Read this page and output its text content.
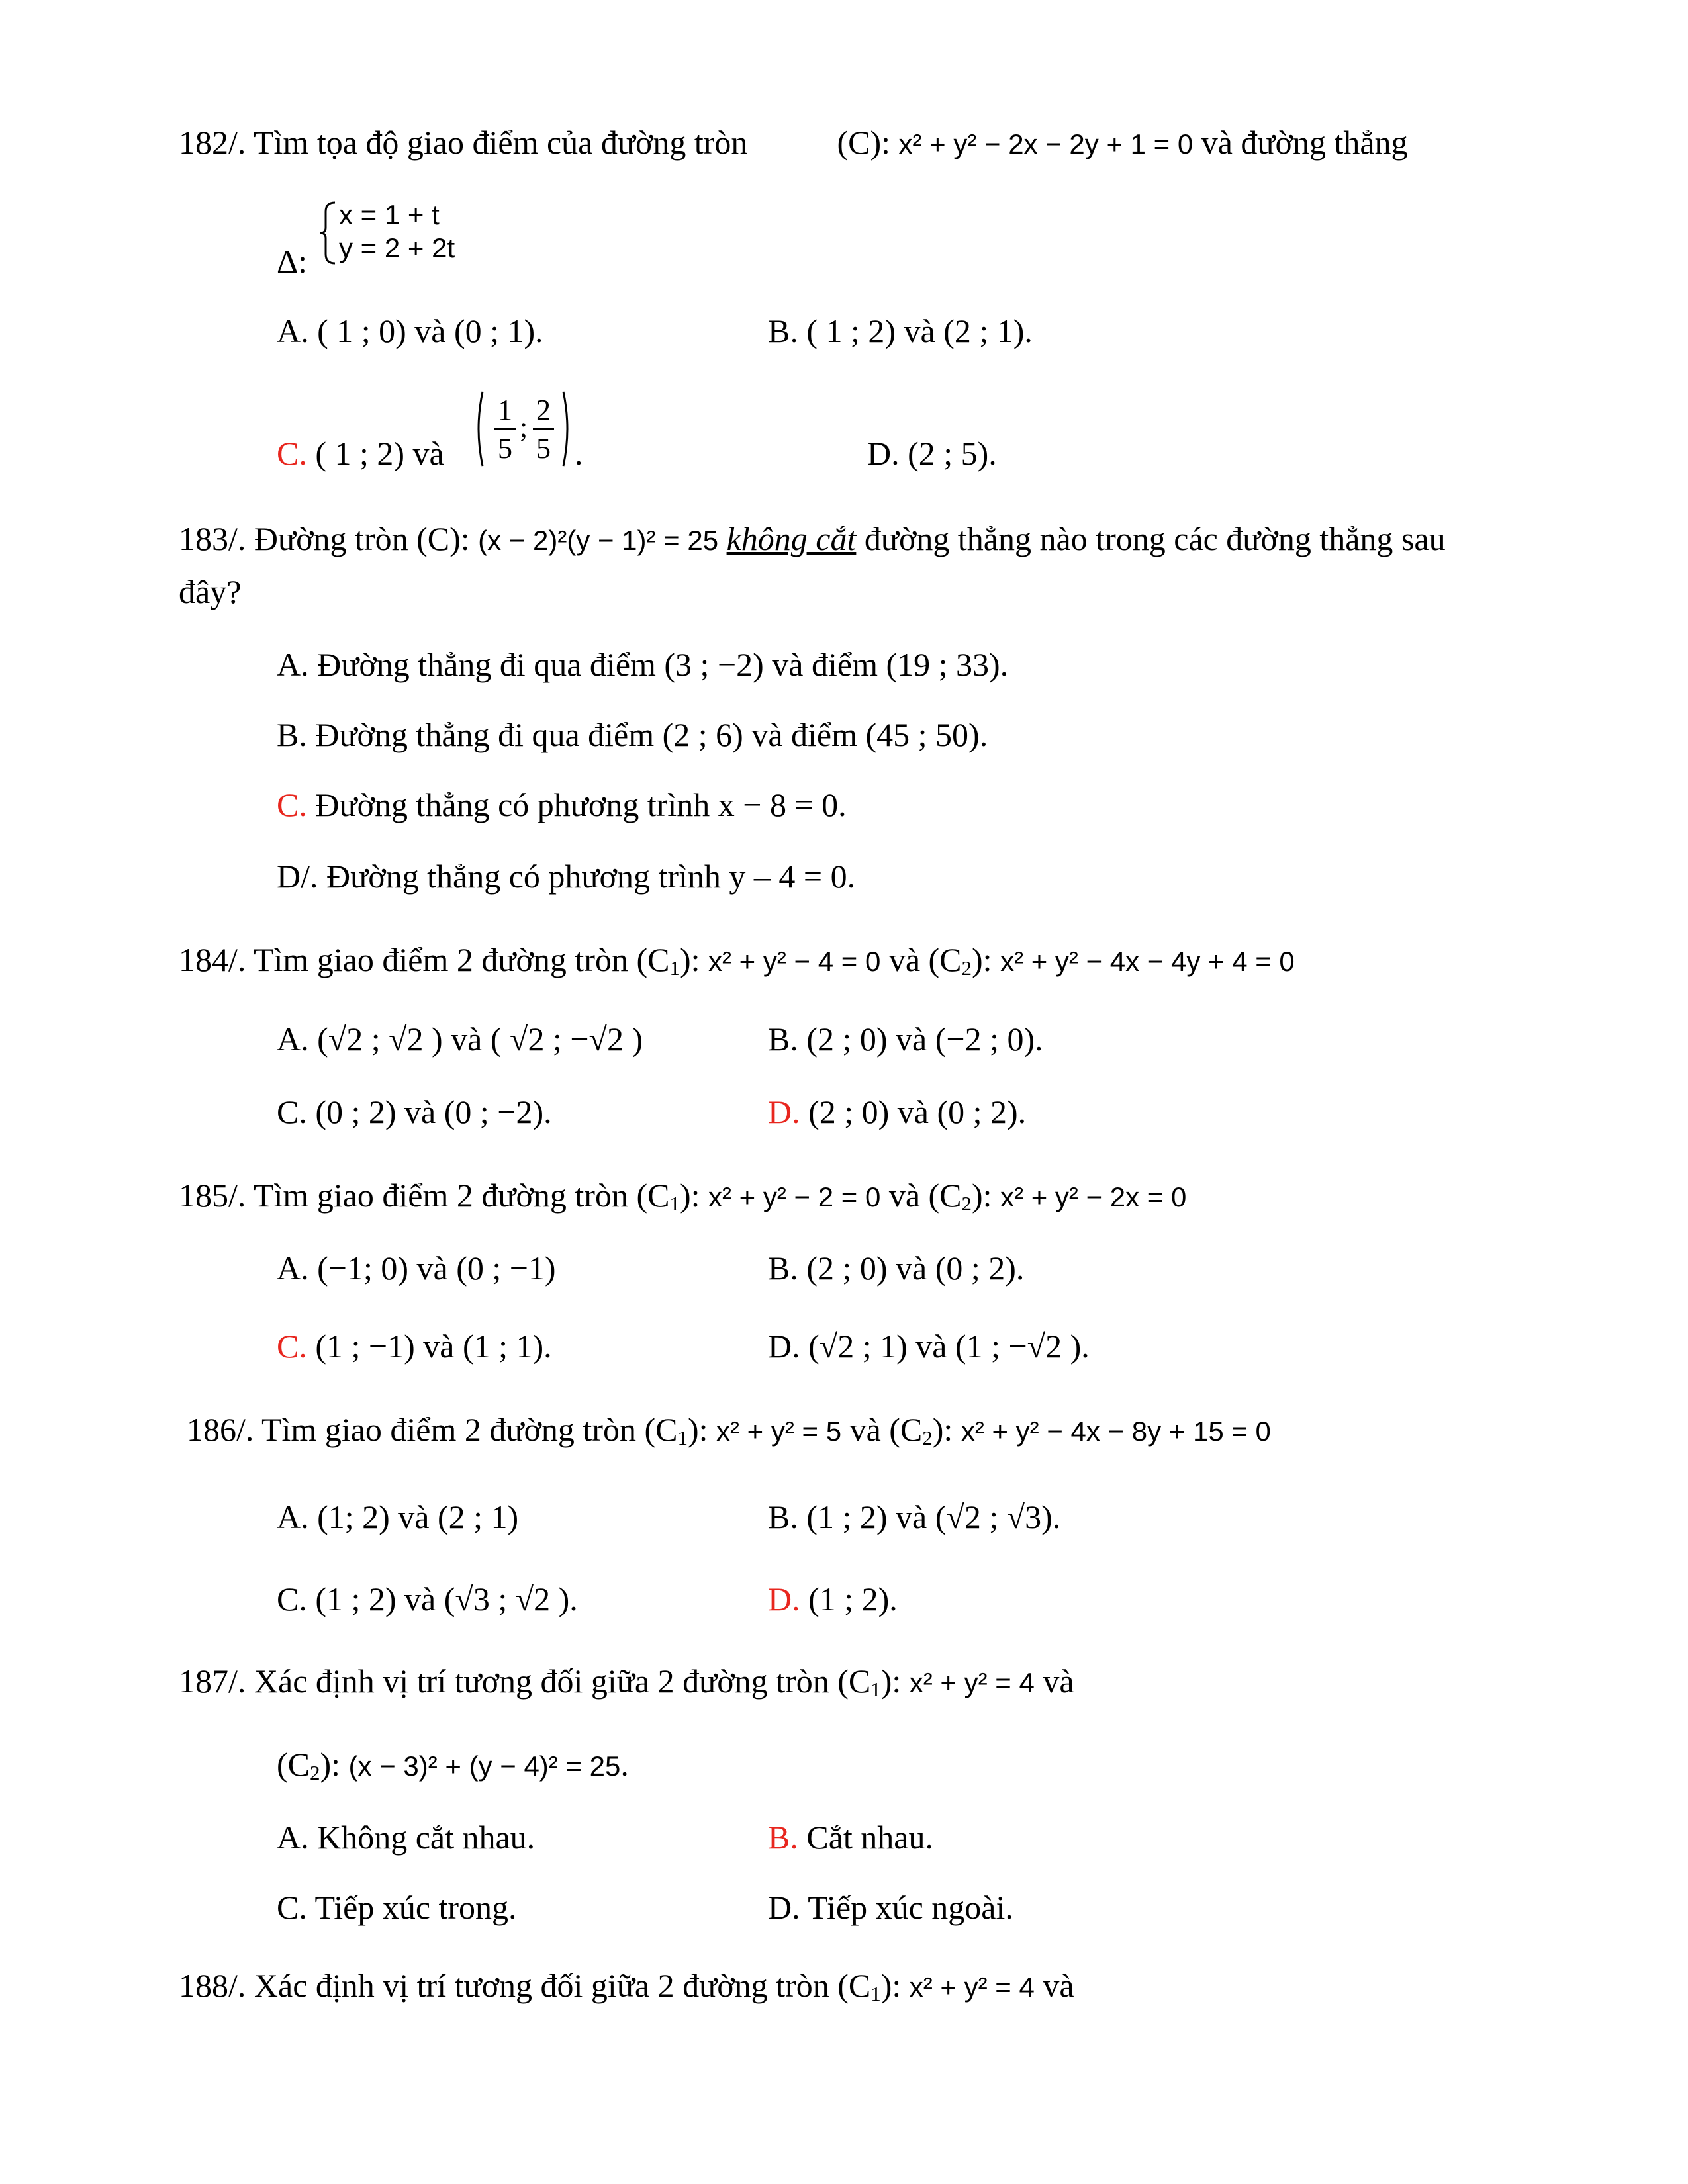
182/. Tìm tọa độ giao điểm của đường tròn	(C): x² + y² − 2x − 2y + 1 = 0 và đường thẳng
Δ:
x = 1 + t
y = 2 + 2t
A. ( 1 ; 0) và (0 ; 1).	B. ( 1 ; 2) và (2 ; 1).
C. ( 1 ; 2) và
1
5
;
2
5 .	D. (2 ; 5).
183/. Đường tròn (C): (x − 2)²(y − 1)² = 25 không cắt đường thẳng nào trong các đường thẳng sau
đây?
A. Đường thẳng đi qua điểm (3 ; −2) và điểm (19 ; 33).
B. Đường thẳng đi qua điểm (2 ; 6) và điểm (45 ; 50).
C. Đường thẳng có phương trình x − 8 = 0.
D/. Đường thẳng có phương trình y – 4 = 0.
184/. Tìm giao điểm 2 đường tròn $(C_1)$: x² + y² − 4 = 0 và $(C_2)$: x² + y² − 4x − 4y + 4 = 0
A. (√2 ; √2 ) và ( √2 ; −√2 )	B. (2 ; 0) và (−2 ; 0).
C. (0 ; 2) và (0 ; −2).	D. (2 ; 0) và (0 ; 2).
185/. Tìm giao điểm 2 đường tròn $(C_1)$: x² + y² − 2 = 0 và $(C_2)$: x² + y² − 2x = 0
A. (−1; 0) và (0 ; −1)	B. (2 ; 0) và (0 ; 2).
C. (1 ; −1) và (1 ; 1).	D. (√2 ; 1) và (1 ; −√2 ).
186/. Tìm giao điểm 2 đường tròn $(C_1)$: x² + y² = 5 và $(C_2)$: x² + y² − 4x − 8y + 15 = 0
A. (1; 2) và (2 ; 1)	B. (1 ; 2) và (√2 ; √3).
C. (1 ; 2) và (√3 ; √2 ).	D. (1 ; 2).
187/. Xác định vị trí tương đối giữa 2 đường tròn $(C_1)$: x² + y² = 4 và
$(C_2)$: (x − 3)² + (y − 4)² = 25.
A. Không cắt nhau.	B. Cắt nhau.
C. Tiếp xúc trong.	D. Tiếp xúc ngoài.
188/. Xác định vị trí tương đối giữa 2 đường tròn $(C_1)$: x² + y² = 4 và
